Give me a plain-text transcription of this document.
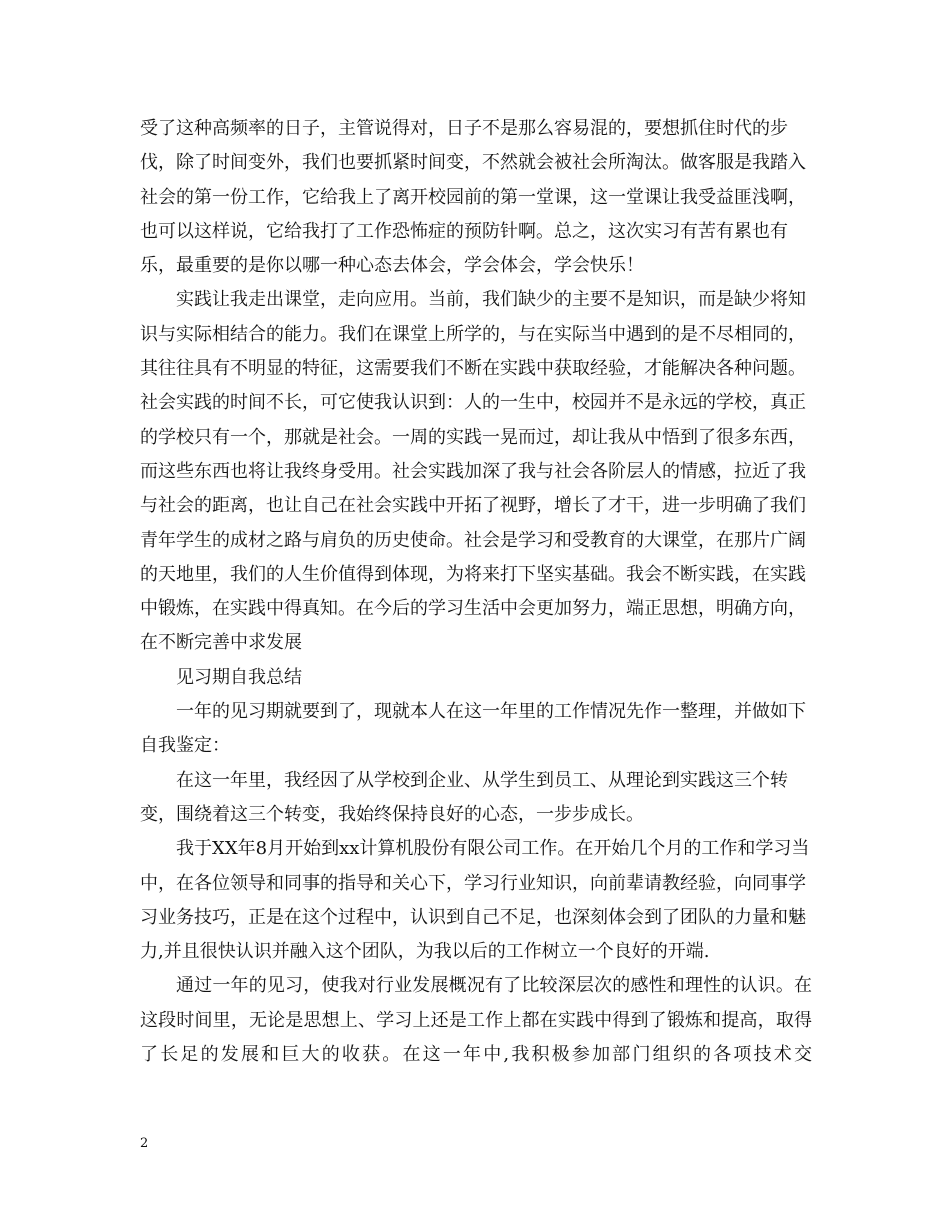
受了这种高频率的日子，主管说得对，日子不是那么容易混的，要想抓住时代的步伐，除了时间变外，我们也要抓紧时间变，不然就会被社会所淘汰。做客服是我踏入社会的第一份工作，它给我上了离开校园前的第一堂课，这一堂课让我受益匪浅啊，也可以这样说，它给我打了工作恐怖症的预防针啊。总之，这次实习有苦有累也有乐，最重要的是你以哪一种心态去体会，学会体会，学会快乐！

实践让我走出课堂，走向应用。当前，我们缺少的主要不是知识，而是缺少将知识与实际相结合的能力。我们在课堂上所学的，与在实际当中遇到的是不尽相同的，其往往具有不明显的特征，这需要我们不断在实践中获取经验，才能解决各种问题。社会实践的时间不长，可它使我认识到：人的一生中，校园并不是永远的学校，真正的学校只有一个，那就是社会。一周的实践一晃而过，却让我从中悟到了很多东西，而这些东西也将让我终身受用。社会实践加深了我与社会各阶层人的情感，拉近了我与社会的距离，也让自己在社会实践中开拓了视野，增长了才干，进一步明确了我们青年学生的成材之路与肩负的历史使命。社会是学习和受教育的大课堂，在那片广阔的天地里，我们的人生价值得到体现，为将来打下坚实基础。我会不断实践，在实践中锻炼，在实践中得真知。在今后的学习生活中会更加努力，端正思想，明确方向，在不断完善中求发展

见习期自我总结

一年的见习期就要到了，现就本人在这一年里的工作情况先作一整理，并做如下自我鉴定：

在这一年里，我经因了从学校到企业、从学生到员工、从理论到实践这三个转变，围绕着这三个转变，我始终保持良好的心态，一步步成长。

我于XX年8月开始到xx计算机股份有限公司工作。在开始几个月的工作和学习当中，在各位领导和同事的指导和关心下，学习行业知识，向前辈请教经验，向同事学习业务技巧，正是在这个过程中，认识到自己不足，也深刻体会到了团队的力量和魅力,并且很快认识并融入这个团队，为我以后的工作树立一个良好的开端.

通过一年的见习，使我对行业发展概况有了比较深层次的感性和理性的认识。在这段时间里，无论是思想上、学习上还是工作上都在实践中得到了锻炼和提高，取得了长足的发展和巨大的收获。在这一年中,我积极参加部门组织的各项技术交

2
